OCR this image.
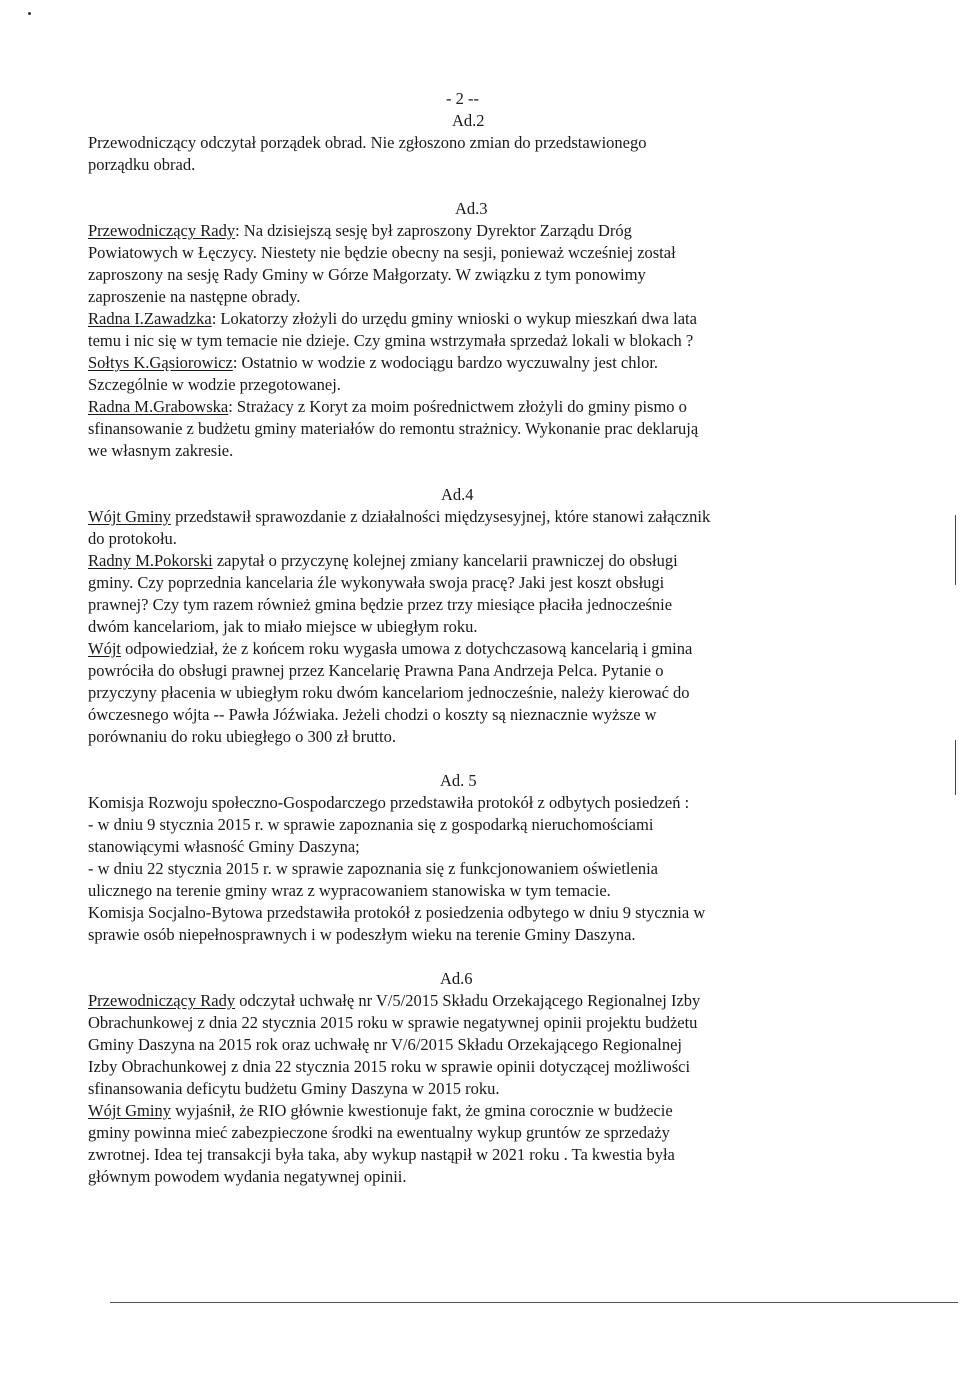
- 2 --
Ad.2
Przewodniczący odczytał porządek obrad. Nie zgłoszono zmian do przedstawionego
porządku obrad.
Ad.3
Przewodniczący Rady: Na dzisiejszą sesję był zaproszony Dyrektor Zarządu Dróg
Powiatowych w Łęczycy. Niestety nie będzie obecny na sesji, ponieważ wcześniej został
zaproszony na sesję Rady Gminy w Górze Małgorzaty. W związku z tym ponowimy
zaproszenie na następne obrady.
Radna I.Zawadzka: Lokatorzy złożyli do urzędu gminy wnioski o wykup mieszkań dwa lata
temu i nic się w tym temacie nie dzieje. Czy gmina wstrzymała sprzedaż lokali w blokach ?
Sołtys K.Gąsiorowicz: Ostatnio w wodzie z wodociągu bardzo wyczuwalny jest chlor.
Szczególnie w wodzie przegotowanej.
Radna M.Grabowska: Strażacy z Koryt za moim pośrednictwem złożyli do gminy pismo o
sfinansowanie z budżetu gminy materiałów do remontu strażnicy. Wykonanie prac deklarują
we własnym zakresie.
Ad.4
Wójt Gminy przedstawił sprawozdanie z działalności międzysesyjnej, które stanowi załącznik
do protokołu.
Radny M.Pokorski zapytał o przyczynę kolejnej zmiany kancelarii prawniczej do obsługi
gminy. Czy poprzednia kancelaria źle wykonywała swoja pracę? Jaki jest koszt obsługi
prawnej? Czy tym razem również gmina będzie przez trzy miesiące płaciła jednocześnie
dwóm kancelariom, jak to miało miejsce w ubiegłym roku.
Wójt odpowiedział, że z końcem roku wygasła umowa z dotychczasową kancelarią i gmina
powróciła do obsługi prawnej przez Kancelarię Prawna Pana Andrzeja Pelca. Pytanie o
przyczyny płacenia w ubiegłym roku dwóm kancelariom jednocześnie, należy kierować do
ówczesnego wójta -- Pawła Jóźwiaka. Jeżeli chodzi o koszty są nieznacznie wyższe w
porównaniu do roku ubiegłego o 300 zł brutto.
Ad. 5
Komisja Rozwoju społeczno-Gospodarczego przedstawiła protokół z odbytych posiedzeń :
- w dniu 9 stycznia 2015 r. w sprawie zapoznania się z gospodarką nieruchomościami
stanowiącymi własność Gminy Daszyna;
- w dniu 22 stycznia 2015 r. w sprawie zapoznania się z funkcjonowaniem oświetlenia
ulicznego na terenie gminy wraz z wypracowaniem stanowiska w tym temacie.
Komisja Socjalno-Bytowa przedstawiła protokół z posiedzenia odbytego w dniu 9 stycznia w
sprawie osób niepełnosprawnych i w podeszłym wieku na terenie Gminy Daszyna.
Ad.6
Przewodniczący Rady odczytał uchwałę nr V/5/2015 Składu Orzekającego Regionalnej Izby
Obrachunkowej z dnia 22 stycznia 2015 roku w sprawie negatywnej opinii projektu budżetu
Gminy Daszyna na 2015 rok oraz uchwałę nr V/6/2015 Składu Orzekającego Regionalnej
Izby Obrachunkowej z dnia 22 stycznia 2015 roku w sprawie opinii dotyczącej możliwości
sfinansowania deficytu budżetu Gminy Daszyna w 2015 roku.
Wójt Gminy wyjaśnił, że RIO głównie kwestionuje fakt, że gmina corocznie w budżecie
gminy powinna mieć zabezpieczone środki na ewentualny wykup gruntów ze sprzedaży
zwrotnej. Idea tej transakcji była taka, aby wykup nastąpił w 2021 roku . Ta kwestia była
głównym powodem wydania negatywnej opinii.
